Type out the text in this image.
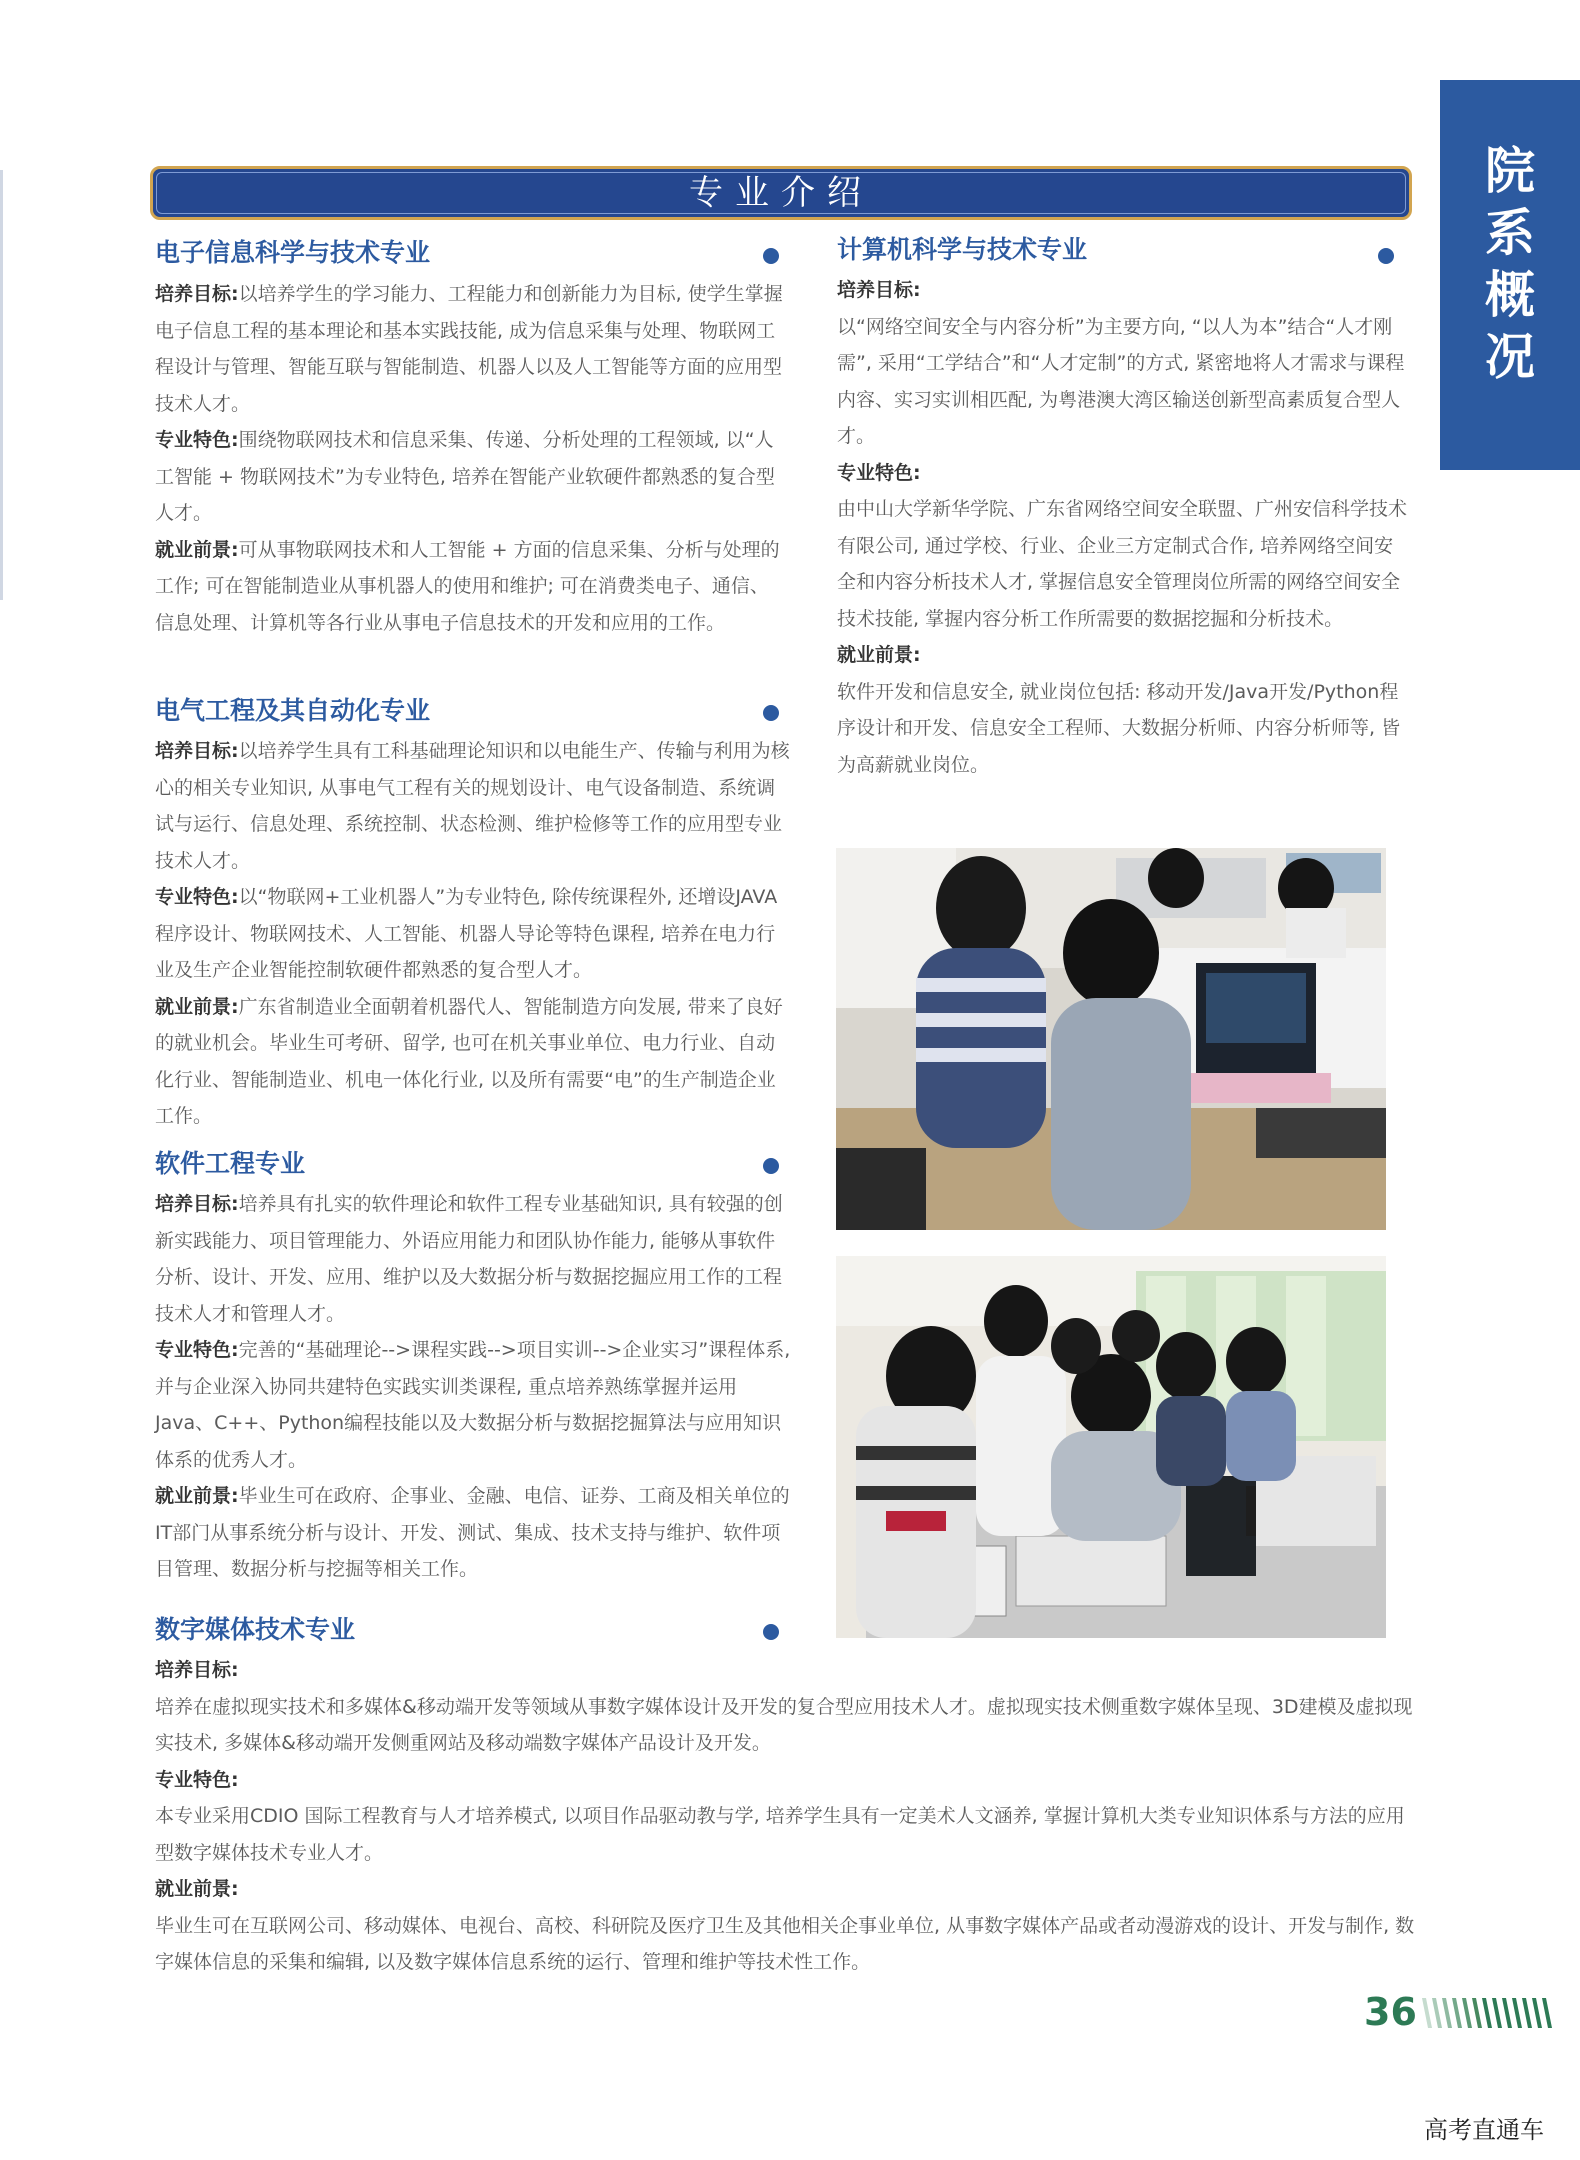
院系概况
专业介绍
电子信息科学与技术专业
培养目标:以培养学生的学习能力、工程能力和创新能力为目标, 使学生掌握电子信息工程的基本理论和基本实践技能, 成为信息采集与处理、物联网工程设计与管理、智能互联与智能制造、机器人以及人工智能等方面的应用型技术人才。
专业特色:围绕物联网技术和信息采集、传递、分析处理的工程领域, 以“人工智能 + 物联网技术”为专业特色, 培养在智能产业软硬件都熟悉的复合型人才。
就业前景:可从事物联网技术和人工智能 + 方面的信息采集、分析与处理的工作; 可在智能制造业从事机器人的使用和维护; 可在消费类电子、通信、信息处理、计算机等各行业从事电子信息技术的开发和应用的工作。
电气工程及其自动化专业
培养目标:以培养学生具有工科基础理论知识和以电能生产、传输与利用为核心的相关专业知识, 从事电气工程有关的规划设计、电气设备制造、系统调试与运行、信息处理、系统控制、状态检测、维护检修等工作的应用型专业技术人才。
专业特色:以“物联网+工业机器人”为专业特色, 除传统课程外, 还增设JAVA程序设计、物联网技术、人工智能、机器人导论等特色课程, 培养在电力行业及生产企业智能控制软硬件都熟悉的复合型人才。
就业前景:广东省制造业全面朝着机器代人、智能制造方向发展, 带来了良好的就业机会。毕业生可考研、留学, 也可在机关事业单位、电力行业、自动化行业、智能制造业、机电一体化行业, 以及所有需要“电”的生产制造企业工作。
软件工程专业
培养目标:培养具有扎实的软件理论和软件工程专业基础知识, 具有较强的创新实践能力、项目管理能力、外语应用能力和团队协作能力, 能够从事软件分析、设计、开发、应用、维护以及大数据分析与数据挖掘应用工作的工程技术人才和管理人才。
专业特色:完善的“基础理论-->课程实践-->项目实训-->企业实习”课程体系, 并与企业深入协同共建特色实践实训类课程, 重点培养熟练掌握并运用Java、C++、Python编程技能以及大数据分析与数据挖掘算法与应用知识体系的优秀人才。
就业前景:毕业生可在政府、企事业、金融、电信、证券、工商及相关单位的IT部门从事系统分析与设计、开发、测试、集成、技术支持与维护、软件项目管理、数据分析与挖掘等相关工作。
计算机科学与技术专业
培养目标:
以“网络空间安全与内容分析”为主要方向, “以人为本”结合“人才刚需”, 采用“工学结合”和“人才定制”的方式, 紧密地将人才需求与课程内容、实习实训相匹配, 为粤港澳大湾区输送创新型高素质复合型人才。
专业特色:
由中山大学新华学院、广东省网络空间安全联盟、广州安信科学技术有限公司, 通过学校、行业、企业三方定制式合作, 培养网络空间安全和内容分析技术人才, 掌握信息安全管理岗位所需的网络空间安全技术技能, 掌握内容分析工作所需要的数据挖掘和分析技术。
就业前景:
软件开发和信息安全, 就业岗位包括: 移动开发/Java开发/Python程序设计和开发、信息安全工程师、大数据分析师、内容分析师等, 皆为高薪就业岗位。
数字媒体技术专业
培养目标:
培养在虚拟现实技术和多媒体&移动端开发等领域从事数字媒体设计及开发的复合型应用技术人才。虚拟现实技术侧重数字媒体呈现、3D建模及虚拟现实技术, 多媒体&移动端开发侧重网站及移动端数字媒体产品设计及开发。
专业特色:
本专业采用CDIO 国际工程教育与人才培养模式, 以项目作品驱动教与学, 培养学生具有一定美术人文涵养, 掌握计算机大类专业知识体系与方法的应用型数字媒体技术专业人才。
就业前景:
毕业生可在互联网公司、移动媒体、电视台、高校、科研院及医疗卫生及其他相关企事业单位, 从事数字媒体产品或者动漫游戏的设计、开发与制作, 数字媒体信息的采集和编辑, 以及数字媒体信息系统的运行、管理和维护等技术性工作。
36
高考直通车
